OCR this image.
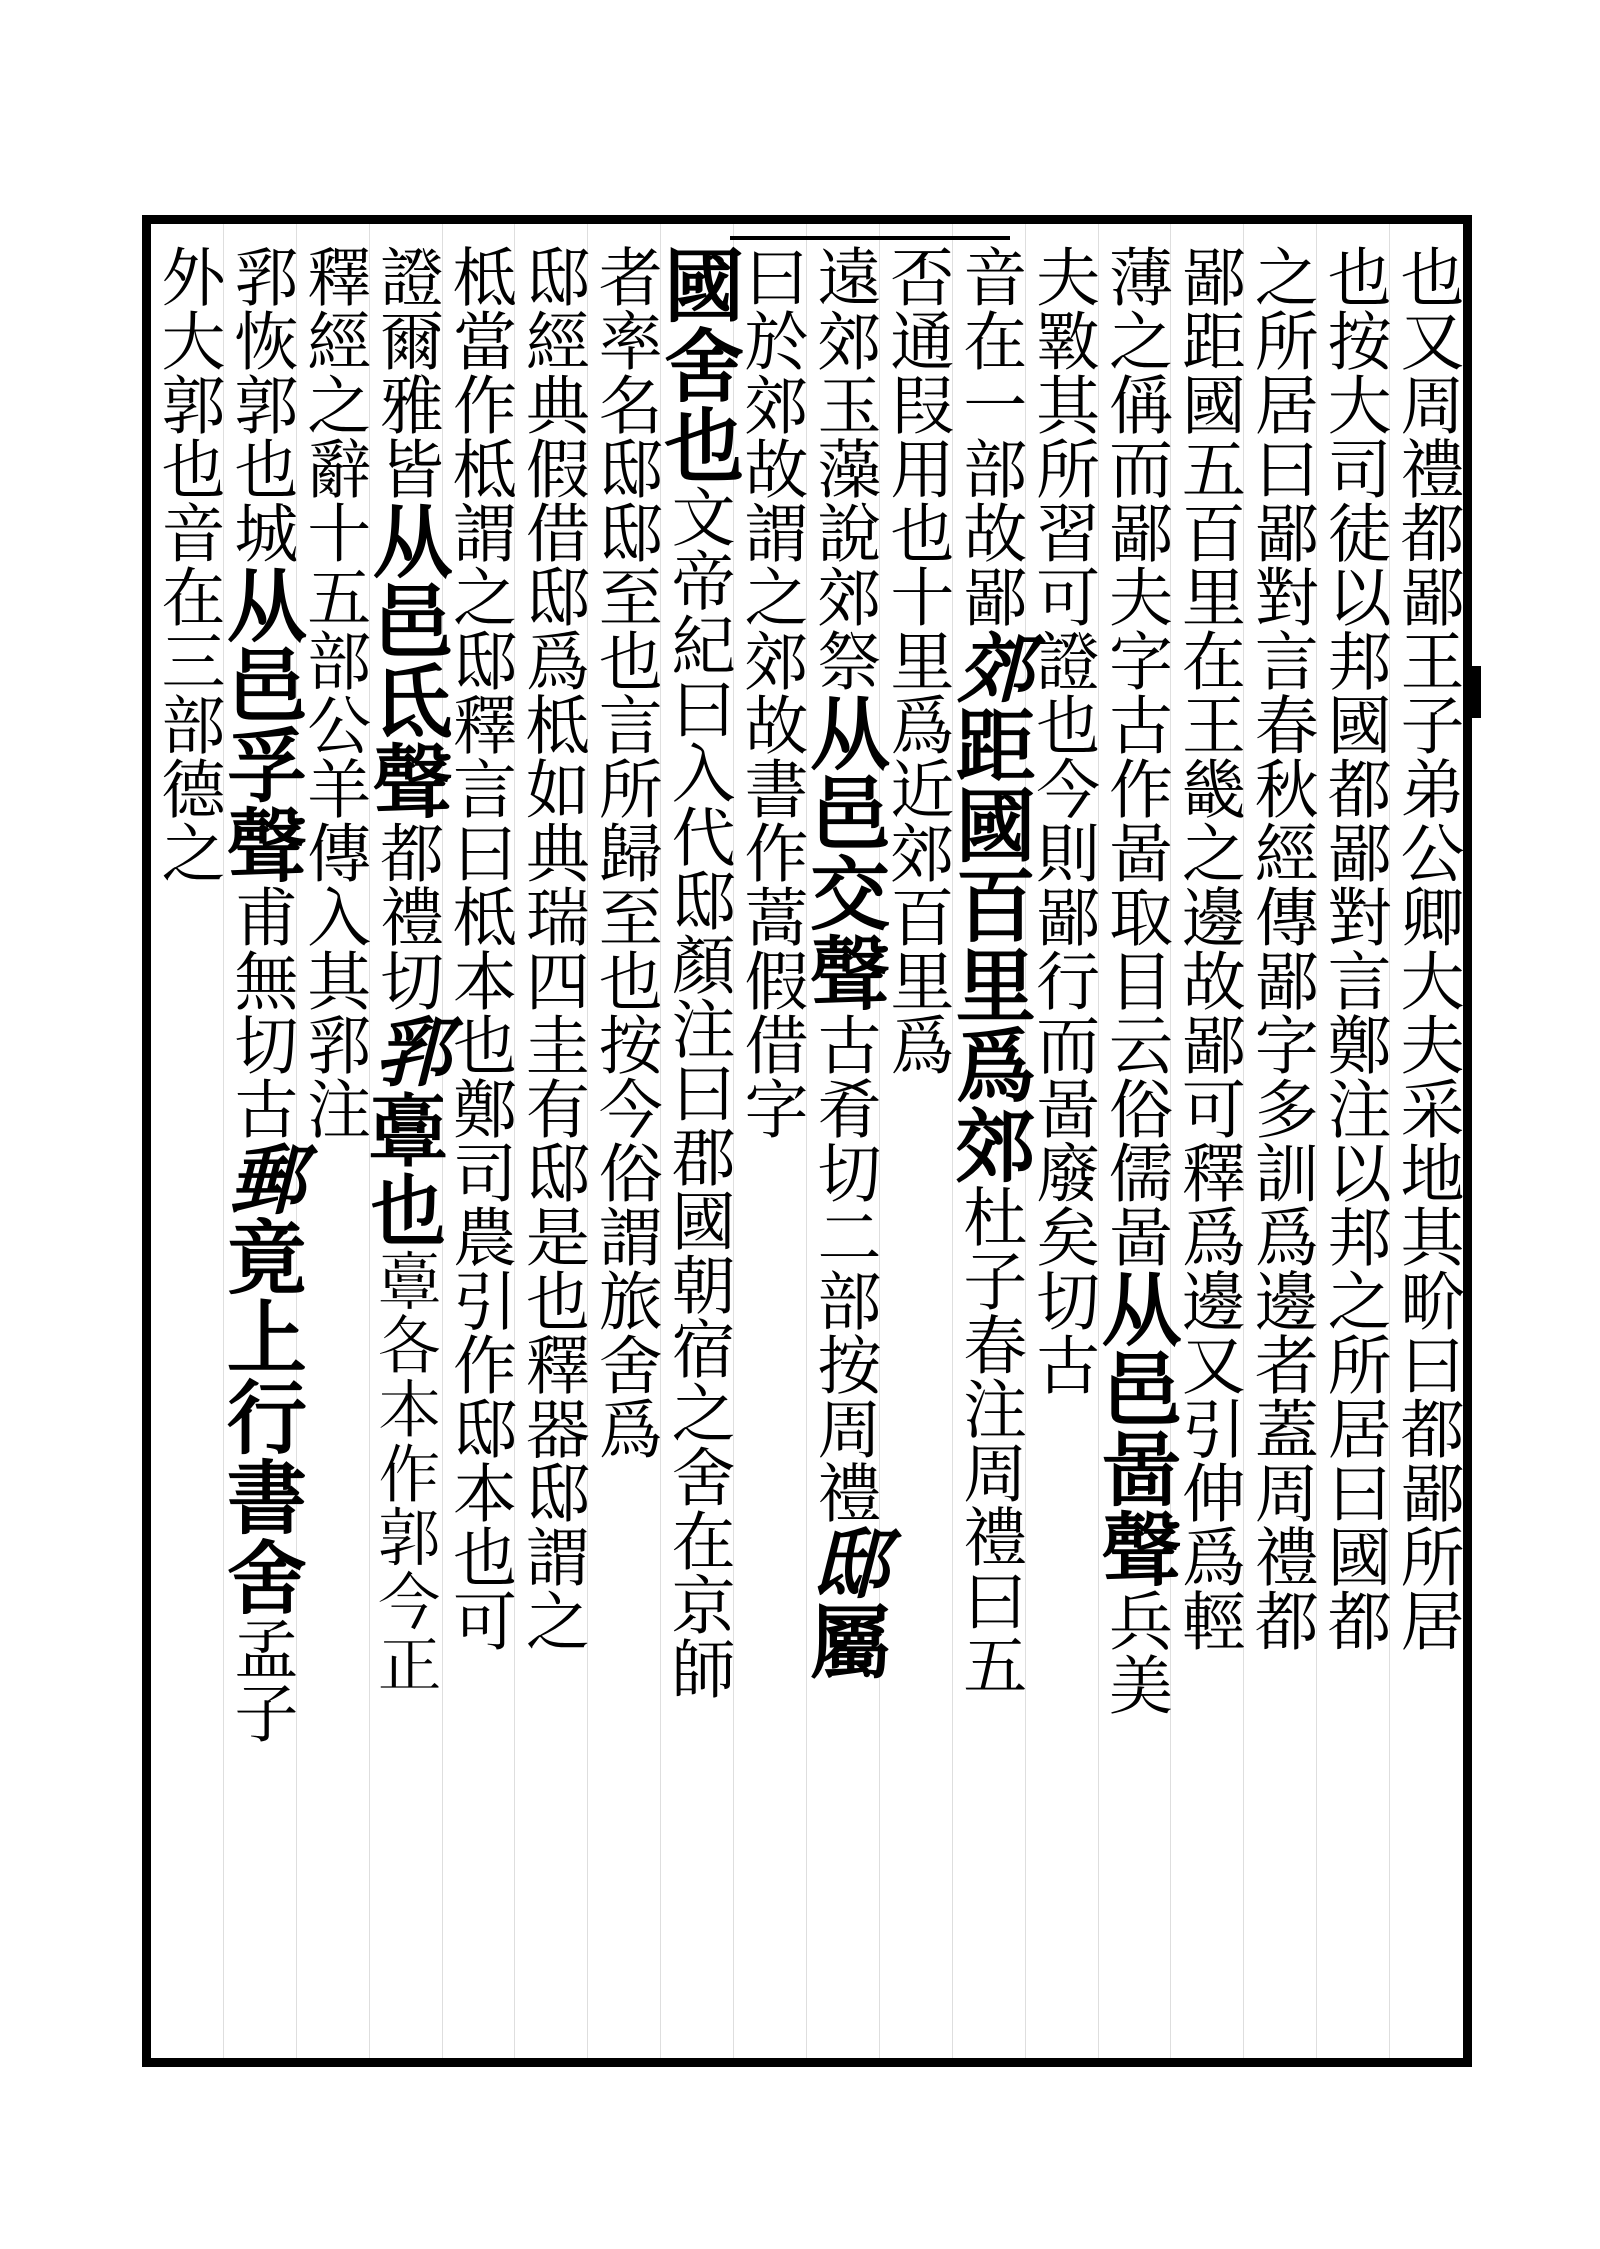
也又周禮都鄙王子弟公卿大夫采地其畍曰都鄙所居
也按大司徒以邦國都鄙對言鄭注以邦之所居曰國都
之所居曰鄙對言春秋經傳鄙字多訓爲邊者蓋周禮都
鄙距國五百里在王畿之邊故鄙可釋爲邊又引伸爲輕
薄之偁而鄙夫字古作啚取目云俗儒啚
从邑啚聲
兵美
夫斁其所習可證也今則鄙行而啚廢矣
切古
音在一部故鄙
郊
距國百里爲郊
杜子春注周禮曰五
否通叚用也
十里爲近郊百里爲
遠郊玉藻說郊祭
从邑交聲
古肴切二部按周禮
邸
屬
曰於郊故謂之郊
故書作蒿假借字
國舍也
文帝紀曰入代邸顏注曰郡國朝宿之舍在京師
者率名邸邸至也言所歸至也按今俗謂旅舍爲
邸經典假借邸爲柢如典瑞四圭有邸是也釋器邸謂之
柢當作柢謂之邸釋言曰柢本也鄭司農引作邸本也可
證爾雅皆
从邑氐聲
都禮切
郛
𩫏也
𩫏各本作郭今正
釋經之辭
十五部
公羊傳入其郛注
郛恢郭也城
从邑孚聲
甫無切古
郵
竟上行書舍
孟子
外大郭也
音在三部
德之
